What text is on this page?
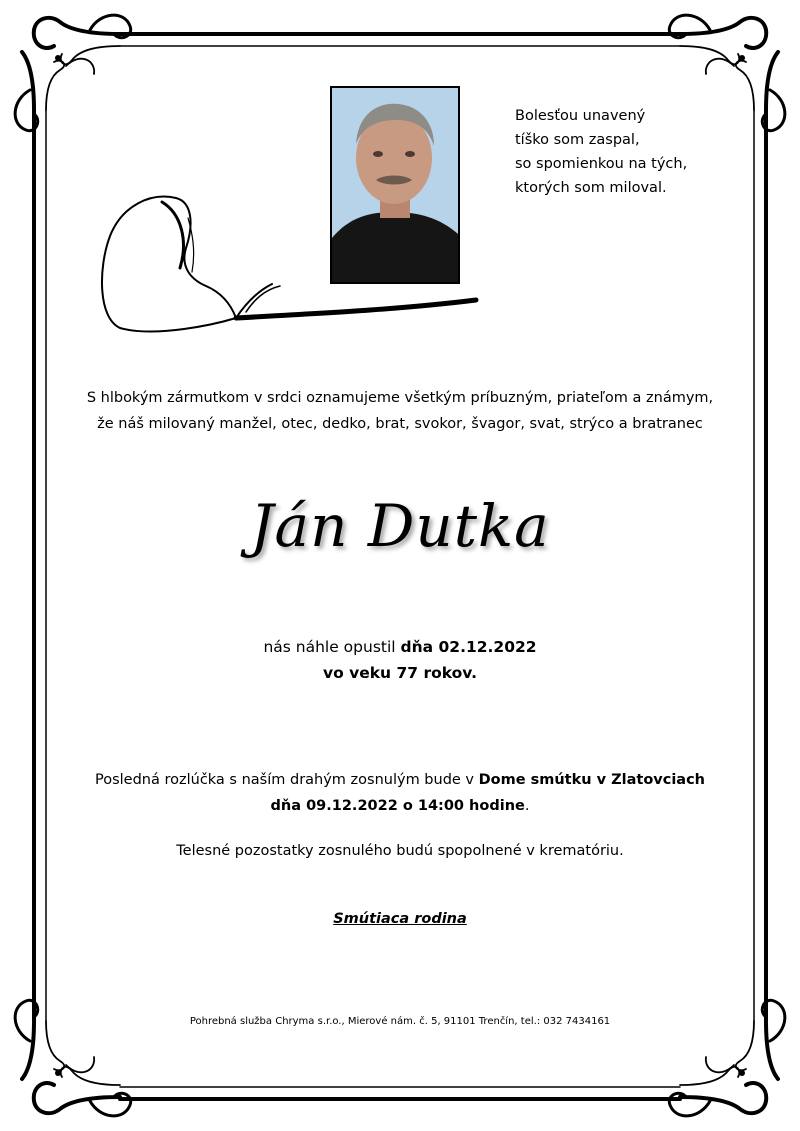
Bolesťou unavený
tíško som zaspal,
so spomienkou na tých,
ktorých som miloval.
S hlbokým zármutkom v srdci oznamujeme všetkým príbuzným, priateľom a známym,
že náš milovaný manžel, otec, dedko, brat, svokor, švagor, svat, strýco a bratranec
Ján Dutka
nás náhle opustil dňa 02.12.2022
vo veku 77 rokov.
Posledná rozlúčka s naším drahým zosnulým bude v Dome smútku v Zlatovciach
dňa 09.12.2022 o 14:00 hodine.
Telesné pozostatky zosnulého budú spopolnené v krematóriu.
Smútiaca rodina
Pohrebná služba Chryma s.r.o., Mierové nám. č. 5, 91101 Trenčín, tel.: 032 7434161
